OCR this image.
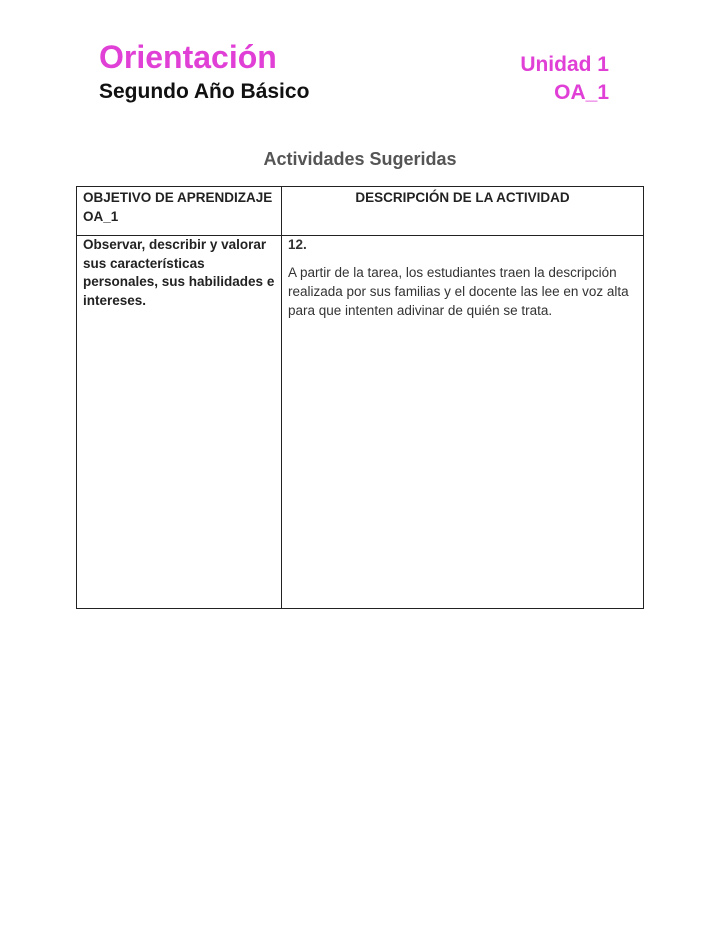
Orientación
Segundo Año Básico
Unidad 1
OA_1
Actividades Sugeridas
OBJETIVO DE APRENDIZAJE OA_1	DESCRIPCIÓN DE LA ACTIVIDAD
Observar, describir y valorar sus características personales, sus habilidades e intereses.	12.
A partir de la tarea, los estudiantes traen la descripción realizada por sus familias y el docente las lee en voz alta para que intenten adivinar de quién se trata.
